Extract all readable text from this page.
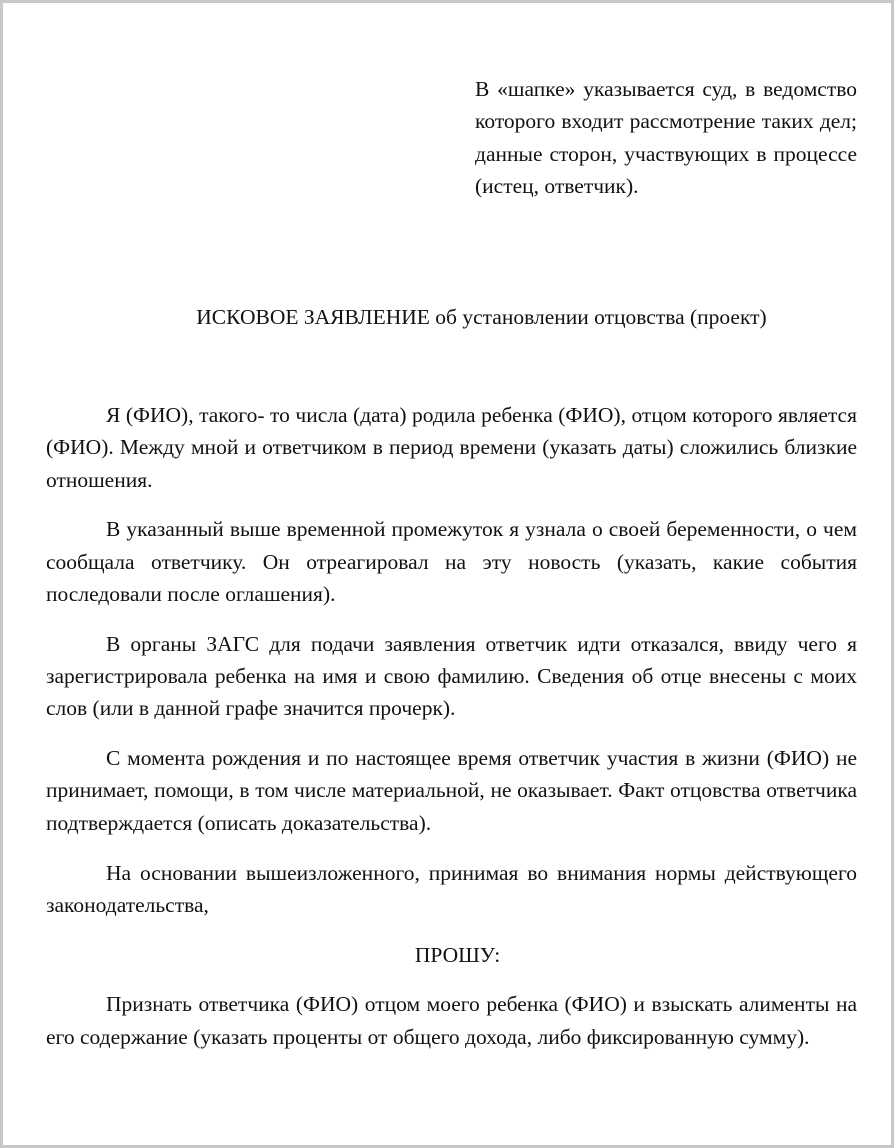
В «шапке» указывается суд, в ведомство которого входит рассмотрение таких дел; данные сторон, участвующих в процессе (истец, ответчик).

ИСКОВОЕ ЗАЯВЛЕНИЕ об установлении отцовства (проект)

Я (ФИО), такого- то числа (дата) родила ребенка (ФИО), отцом которого является (ФИО). Между мной и ответчиком в период времени (указать даты) сложились близкие отношения.

В указанный выше временной промежуток я узнала о своей беременности, о чем сообщала ответчику. Он отреагировал на эту новость (указать, какие события последовали после оглашения).

В органы ЗАГС для подачи заявления ответчик идти отказался, ввиду чего я зарегистрировала ребенка на имя и свою фамилию. Сведения об отце внесены с моих слов (или в данной графе значится прочерк).

С момента рождения и по настоящее время ответчик участия в жизни (ФИО) не принимает, помощи, в том числе материальной, не оказывает. Факт отцовства ответчика подтверждается (описать доказательства).

На основании вышеизложенного, принимая во внимания нормы действующего законодательства,

ПРОШУ:

Признать ответчика (ФИО) отцом моего ребенка (ФИО) и взыскать алименты на его содержание (указать проценты от общего дохода, либо фиксированную сумму).
